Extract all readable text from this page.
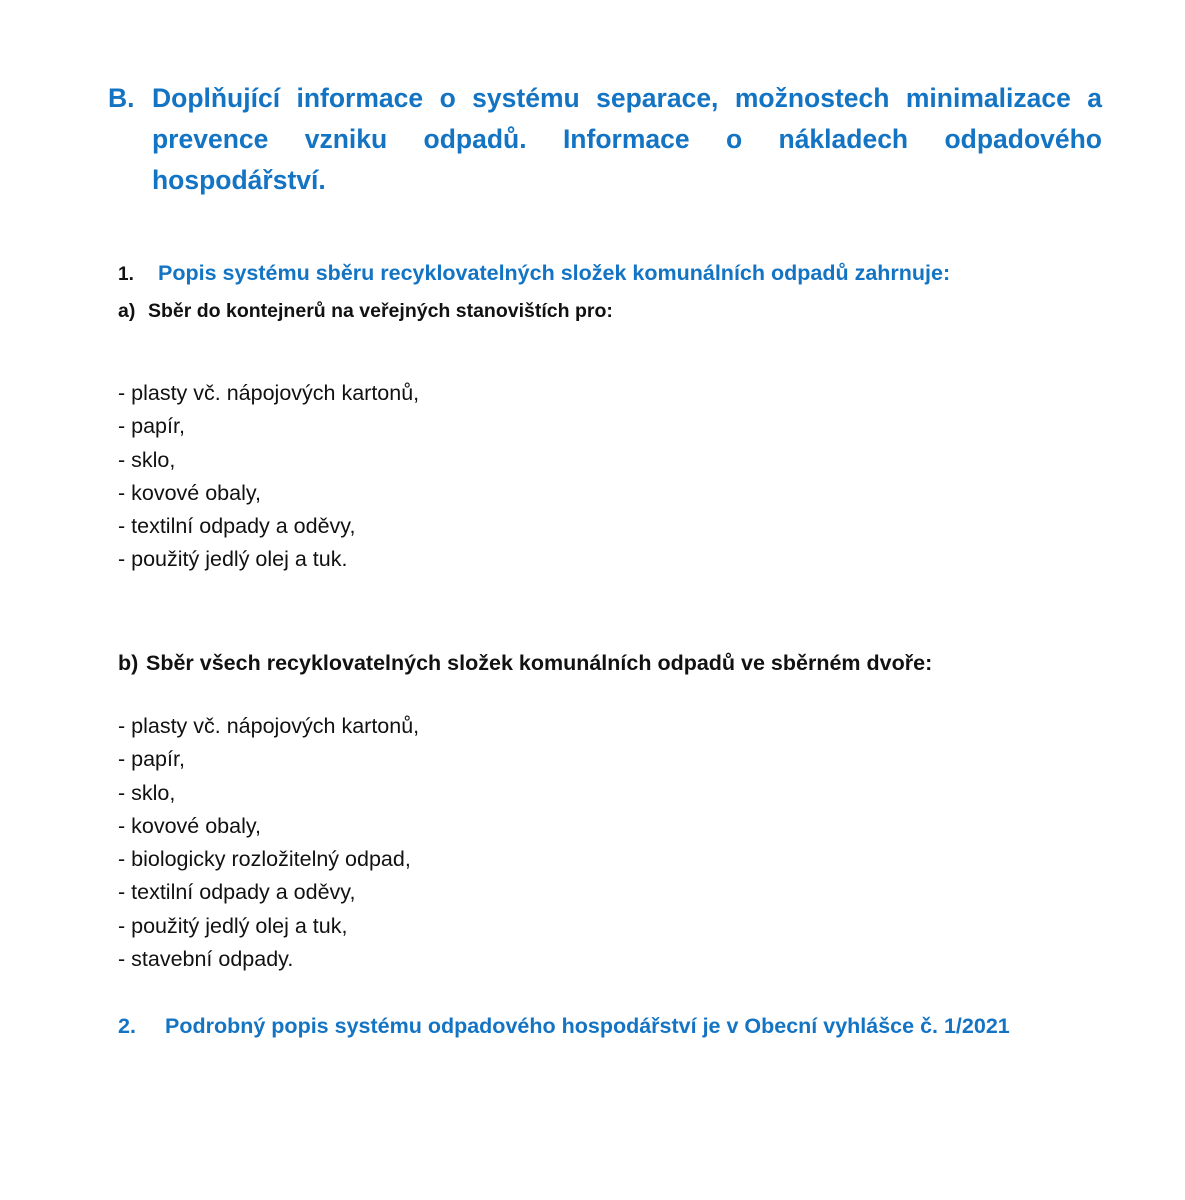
B. Doplňující informace o systému separace, možnostech minimalizace a prevence vzniku odpadů. Informace o nákladech odpadového hospodářství.
1. Popis systému sběru recyklovatelných složek komunálních odpadů zahrnuje:
a) Sběr do kontejnerů na veřejných stanovištích pro:
- plasty vč. nápojových kartonů,
- papír,
- sklo,
- kovové obaly,
- textilní odpady a oděvy,
- použitý jedlý olej a tuk.
b) Sběr všech recyklovatelných složek komunálních odpadů ve sběrném dvoře:
- plasty vč. nápojových kartonů,
- papír,
- sklo,
- kovové obaly,
- biologicky rozložitelný odpad,
- textilní odpady a oděvy,
- použitý jedlý olej a tuk,
- stavební odpady.
2. Podrobný popis systému odpadového hospodářství je v Obecní vyhlášce č. 1/2021
